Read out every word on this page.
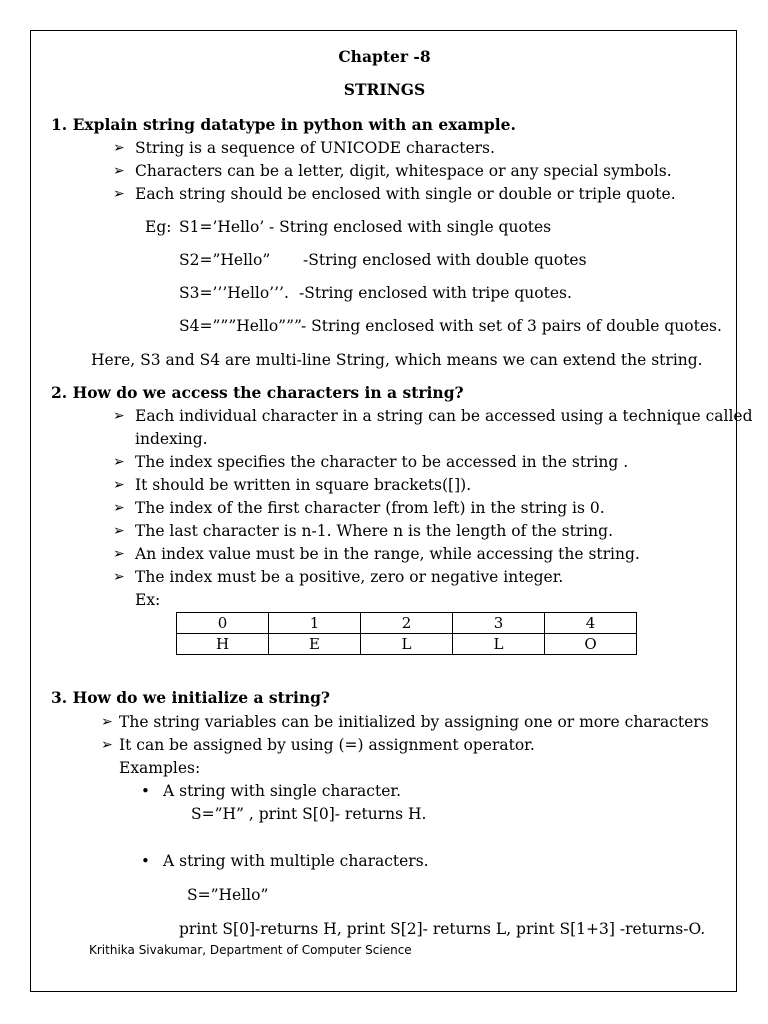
Chapter -8
STRINGS
1. Explain string datatype in python with an example.
➢ String is a sequence of UNICODE characters.
➢ Characters can be a letter, digit, whitespace or any special symbols.
➢ Each string should be enclosed with single or double or triple quote.
Eg: S1=’Hello’ - String enclosed with single quotes
S2=”Hello” -String enclosed with double quotes
S3=’’’Hello’’’. -String enclosed with tripe quotes.
S4=”””Hello””” - String enclosed with set of 3 pairs of double quotes.
Here, S3 and S4 are multi-line String, which means we can extend the string.
2. How do we access the characters in a string?
➢ Each individual character in a string can be accessed using a technique called
indexing.
➢ The index specifies the character to be accessed in the string .
➢ It should be written in square brackets([]).
➢ The index of the first character (from left) in the string is 0.
➢ The last character is n-1. Where n is the length of the string.
➢ An index value must be in the range, while accessing the string.
➢ The index must be a positive, zero or negative integer.
Ex:
0	1	2	3	4
H	E	L	L	O
3. How do we initialize a string?
➢ The string variables can be initialized by assigning one or more characters
➢ It can be assigned by using (=) assignment operator.
Examples:
• A string with single character.
S=”H” , print S[0]- returns H.
• A string with multiple characters.
S=”Hello”
print S[0]-returns H, print S[2]- returns L, print S[1+3] -returns-O.
Krithika Sivakumar, Department of Computer Science
